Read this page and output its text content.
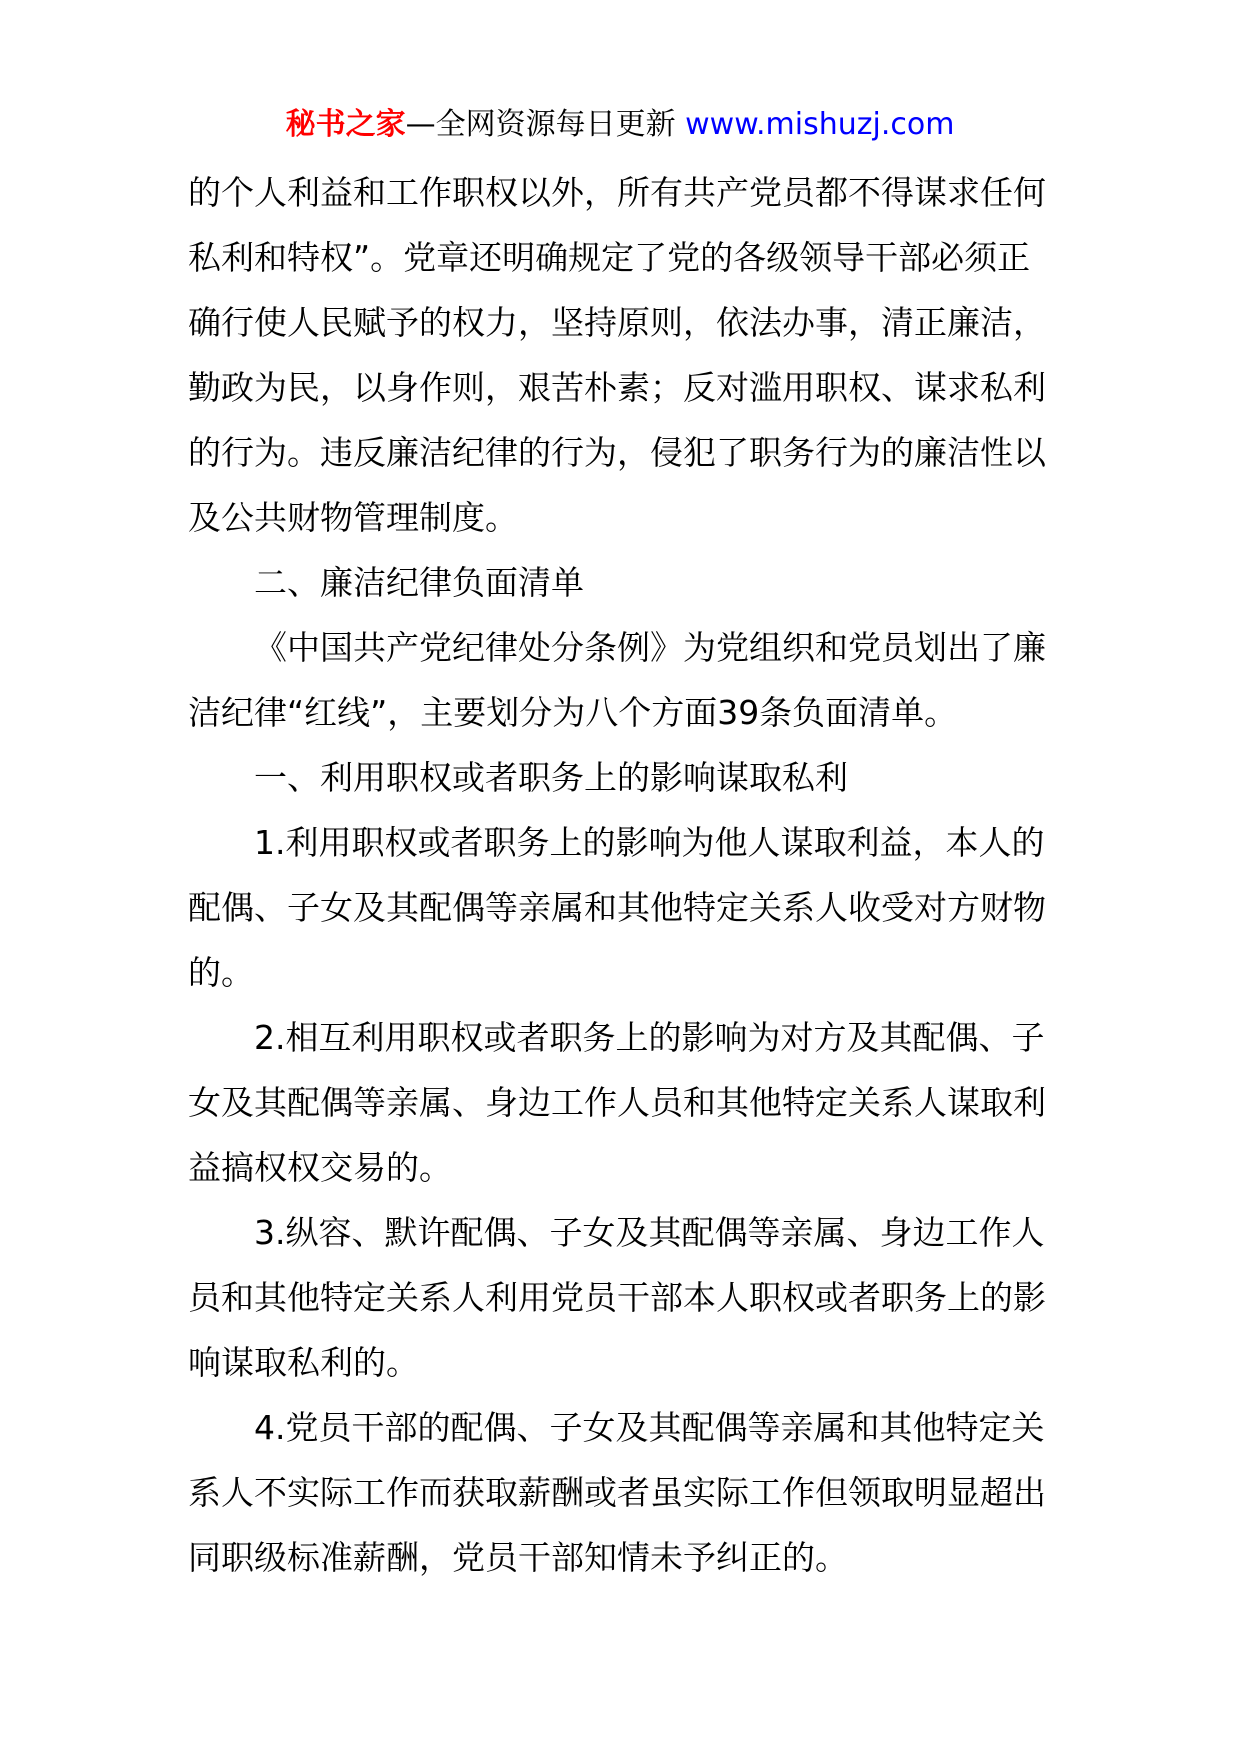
秘书之家—全网资源每日更新 www.mishuzj.com

的个人利益和工作职权以外，所有共产党员都不得谋求任何私利和特权”。党章还明确规定了党的各级领导干部必须正确行使人民赋予的权力，坚持原则，依法办事，清正廉洁，勤政为民，以身作则，艰苦朴素；反对滥用职权、谋求私利的行为。违反廉洁纪律的行为，侵犯了职务行为的廉洁性以及公共财物管理制度。

二、廉洁纪律负面清单

《中国共产党纪律处分条例》为党组织和党员划出了廉洁纪律“红线”，主要划分为八个方面39条负面清单。

一、利用职权或者职务上的影响谋取私利

1.利用职权或者职务上的影响为他人谋取利益，本人的配偶、子女及其配偶等亲属和其他特定关系人收受对方财物的。

2.相互利用职权或者职务上的影响为对方及其配偶、子女及其配偶等亲属、身边工作人员和其他特定关系人谋取利益搞权权交易的。

3.纵容、默许配偶、子女及其配偶等亲属、身边工作人员和其他特定关系人利用党员干部本人职权或者职务上的影响谋取私利的。

4.党员干部的配偶、子女及其配偶等亲属和其他特定关系人不实际工作而获取薪酬或者虽实际工作但领取明显超出同职级标准薪酬，党员干部知情未予纠正的。
